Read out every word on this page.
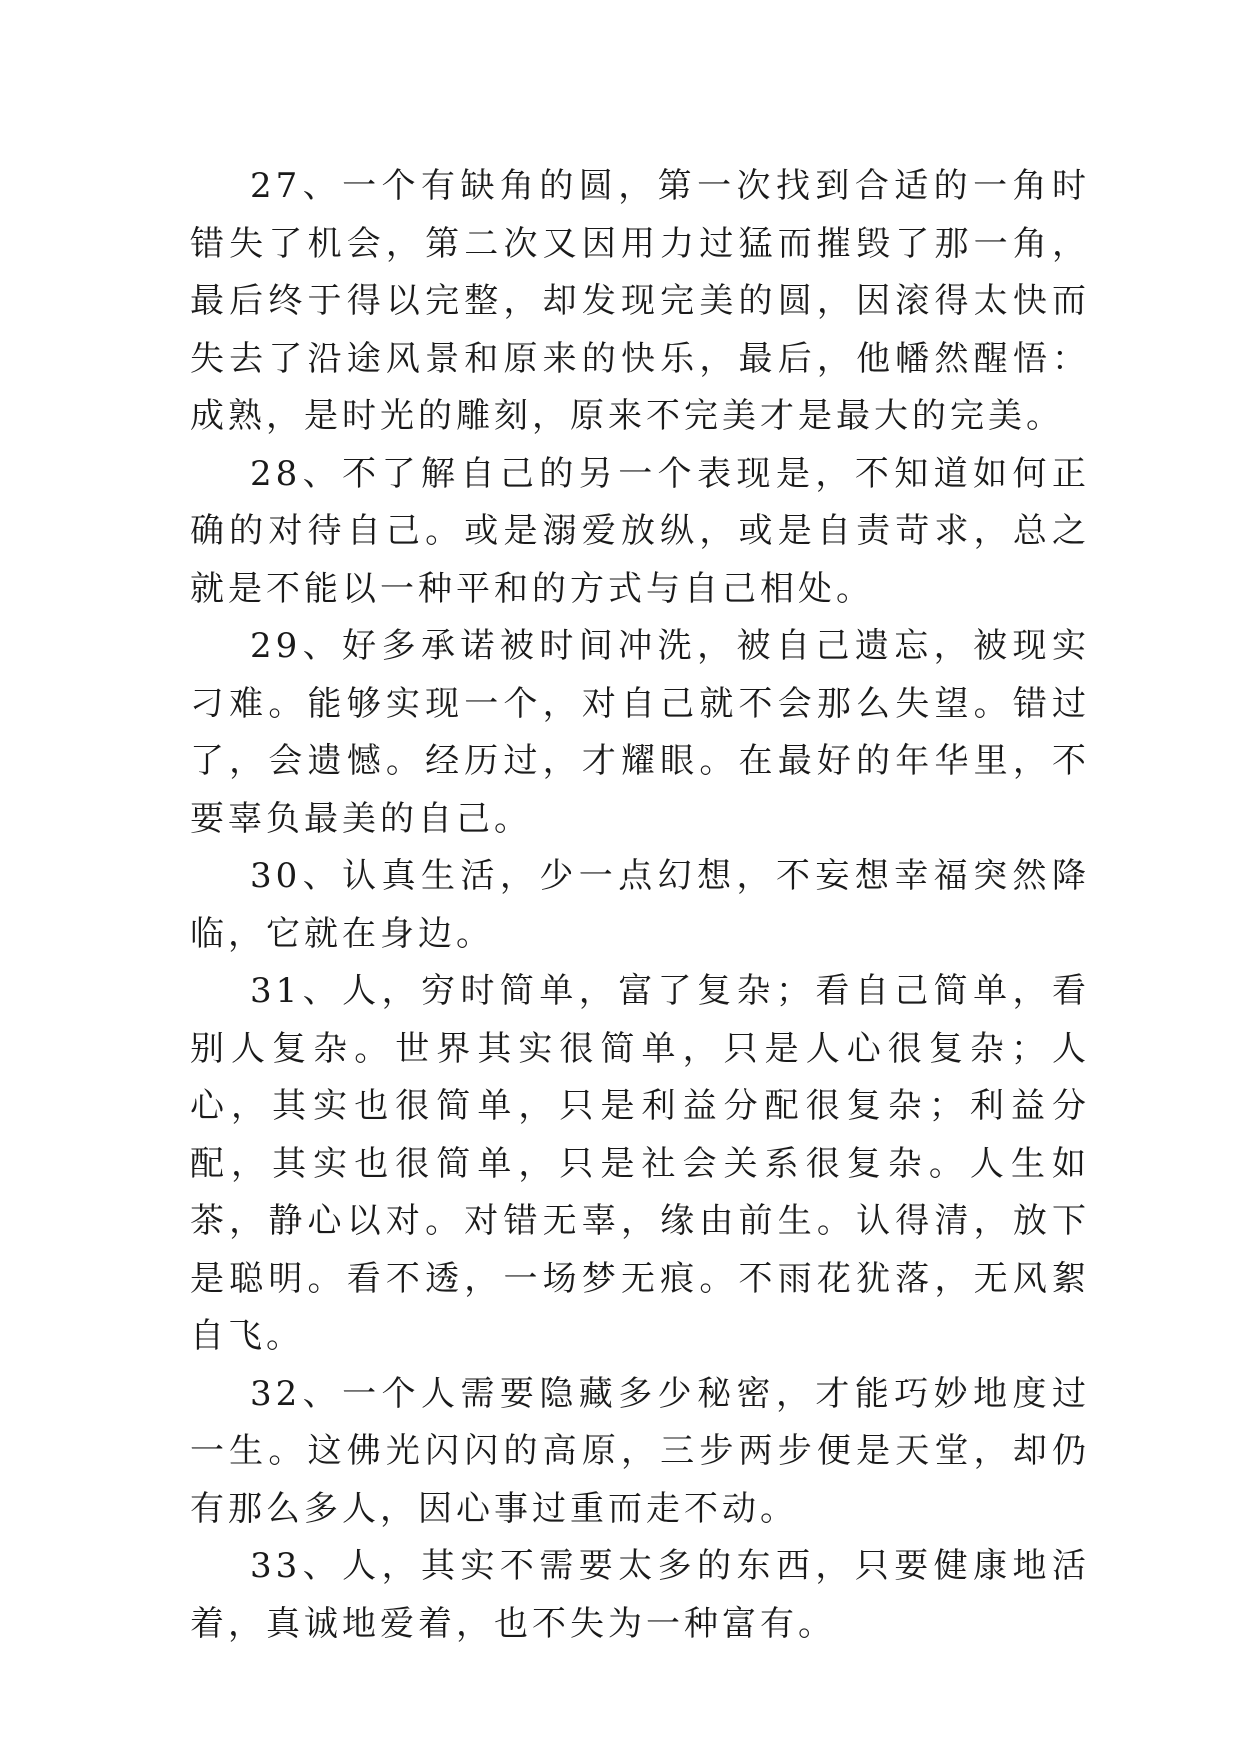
27、一个有缺角的圆，第一次找到合适的一角时错失了机会，第二次又因用力过猛而摧毁了那一角，最后终于得以完整，却发现完美的圆，因滚得太快而失去了沿途风景和原来的快乐，最后，他幡然醒悟：成熟，是时光的雕刻，原来不完美才是最大的完美。

28、不了解自己的另一个表现是，不知道如何正确的对待自己。或是溺爱放纵，或是自责苛求，总之就是不能以一种平和的方式与自己相处。

29、好多承诺被时间冲洗，被自己遗忘，被现实刁难。能够实现一个，对自己就不会那么失望。错过了，会遗憾。经历过，才耀眼。在最好的年华里，不要辜负最美的自己。

30、认真生活，少一点幻想，不妄想幸福突然降临，它就在身边。

31、人，穷时简单，富了复杂；看自己简单，看别人复杂。世界其实很简单，只是人心很复杂；人心，其实也很简单，只是利益分配很复杂；利益分配，其实也很简单，只是社会关系很复杂。人生如茶，静心以对。对错无辜，缘由前生。认得清，放下是聪明。看不透，一场梦无痕。不雨花犹落，无风絮自飞。

32、一个人需要隐藏多少秘密，才能巧妙地度过一生。这佛光闪闪的高原，三步两步便是天堂，却仍有那么多人，因心事过重而走不动。

33、人，其实不需要太多的东西，只要健康地活着，真诚地爱着，也不失为一种富有。
